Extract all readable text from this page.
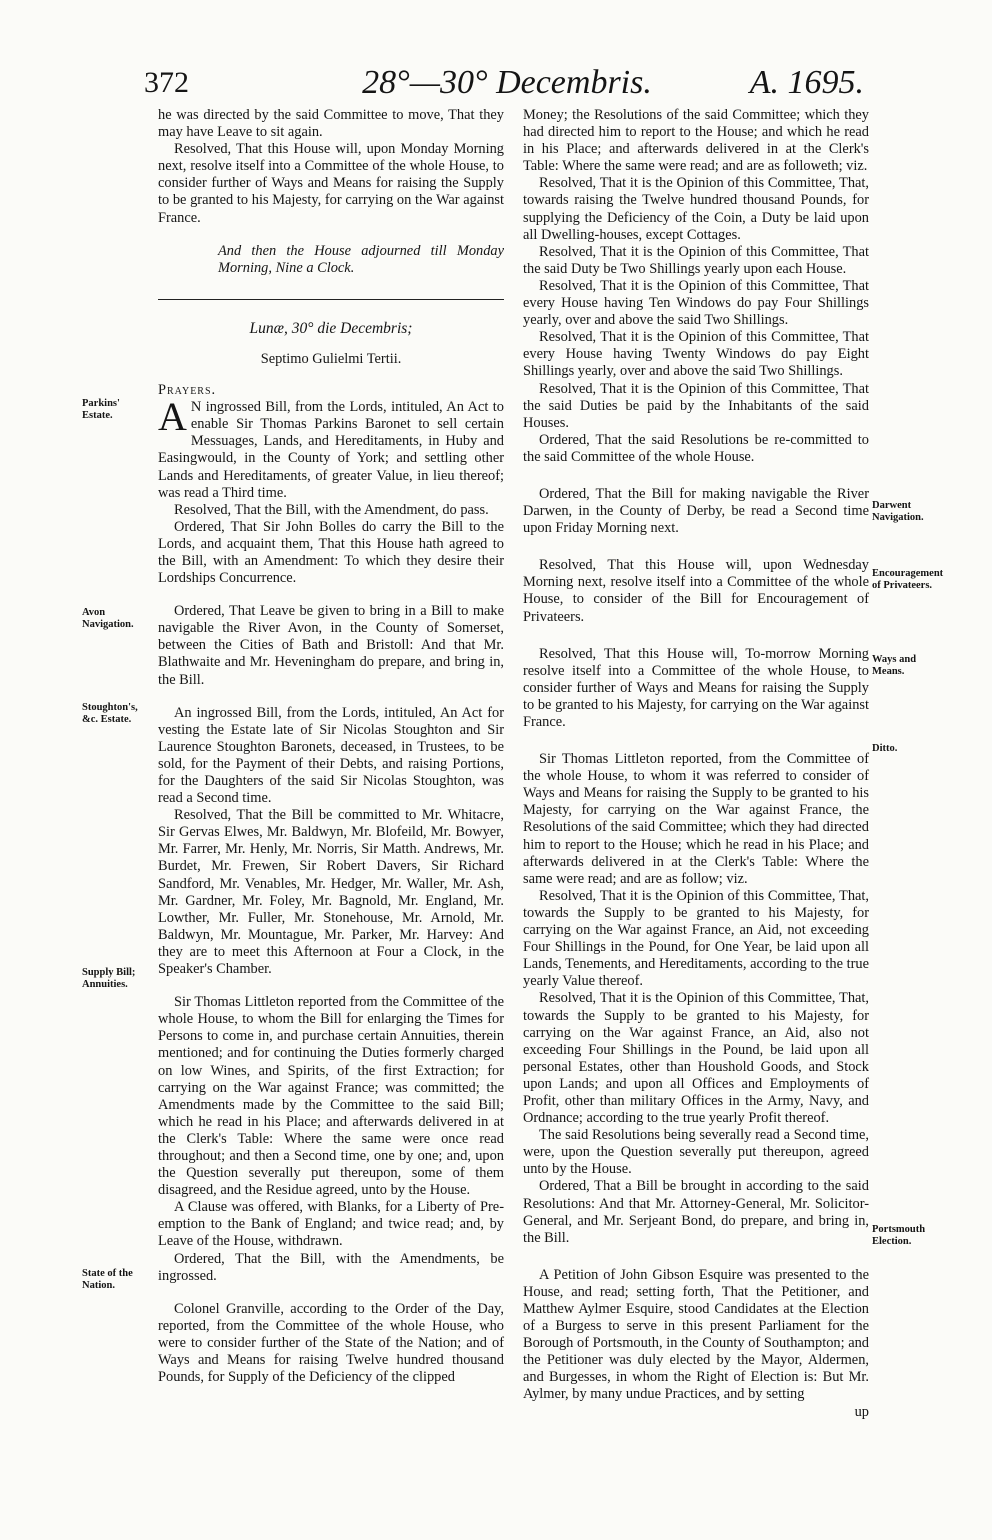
372	28°—30° Decembris.	A. 1695.

he was directed by the said Committee to move, That they may have Leave to sit again.

Resolved, That this House will, upon Monday Morning next, resolve itself into a Committee of the whole House, to consider further of Ways and Means for raising the Supply to be granted to his Majesty, for carrying on the War against France.

And then the House adjourned till Monday Morning, Nine a Clock.

Lunæ, 30° die Decembris;

Septimo Gulielmi Tertii.

Prayers.

A N ingrossed Bill, from the Lords, intituled, An Act to enable Sir Thomas Parkins Baronet to sell certain Messuages, Lands, and Hereditaments, in Huby and Easingwould, in the County of York; and settling other Lands and Hereditaments, of greater Value, in lieu thereof; was read a Third time.

Resolved, That the Bill, with the Amendment, do pass.

Ordered, That Sir John Bolles do carry the Bill to the Lords, and acquaint them, That this House hath agreed to the Bill, with an Amendment: To which they desire their Lordships Concurrence.

Ordered, That Leave be given to bring in a Bill to make navigable the River Avon, in the County of Somerset, between the Cities of Bath and Bristoll: And that Mr. Blathwaite and Mr. Heveningham do prepare, and bring in, the Bill.

An ingrossed Bill, from the Lords, intituled, An Act for vesting the Estate late of Sir Nicolas Stoughton and Sir Laurence Stoughton Baronets, deceased, in Trustees, to be sold, for the Payment of their Debts, and raising Portions, for the Daughters of the said Sir Nicolas Stoughton, was read a Second time.

Resolved, That the Bill be committed to Mr. Whitacre, Sir Gervas Elwes, Mr. Baldwyn, Mr. Blofeild, Mr. Bowyer, Mr. Farrer, Mr. Henly, Mr. Norris, Sir Matth. Andrews, Mr. Burdet, Mr. Frewen, Sir Robert Davers, Sir Richard Sandford, Mr. Venables, Mr. Hedger, Mr. Waller, Mr. Ash, Mr. Gardner, Mr. Foley, Mr. Bagnold, Mr. England, Mr. Lowther, Mr. Fuller, Mr. Stonehouse, Mr. Arnold, Mr. Baldwyn, Mr. Mountague, Mr. Parker, Mr. Harvey: And they are to meet this Afternoon at Four a Clock, in the Speaker's Chamber.

Sir Thomas Littleton reported from the Committee of the whole House, to whom the Bill for enlarging the Times for Persons to come in, and purchase certain Annuities, therein mentioned; and for continuing the Duties formerly charged on low Wines, and Spirits, of the first Extraction; for carrying on the War against France; was committed; the Amendments made by the Committee to the said Bill; which he read in his Place; and afterwards delivered in at the Clerk's Table: Where the same were once read throughout; and then a Second time, one by one; and, upon the Question severally put thereupon, some of them disagreed, and the Residue agreed, unto by the House.

A Clause was offered, with Blanks, for a Liberty of Pre-emption to the Bank of England; and twice read; and, by Leave of the House, withdrawn.

Ordered, That the Bill, with the Amendments, be ingrossed.

Colonel Granville, according to the Order of the Day, reported, from the Committee of the whole House, who were to consider further of the State of the Nation; and of Ways and Means for raising Twelve hundred thousand Pounds, for Supply of the Deficiency of the clipped

Money; the Resolutions of the said Committee; which they had directed him to report to the House; and which he read in his Place; and afterwards delivered in at the Clerk's Table: Where the same were read; and are as followeth; viz.

Resolved, That it is the Opinion of this Committee, That, towards raising the Twelve hundred thousand Pounds, for supplying the Deficiency of the Coin, a Duty be laid upon all Dwelling-houses, except Cottages.

Resolved, That it is the Opinion of this Committee, That the said Duty be Two Shillings yearly upon each House.

Resolved, That it is the Opinion of this Committee, That every House having Ten Windows do pay Four Shillings yearly, over and above the said Two Shillings.

Resolved, That it is the Opinion of this Committee, That every House having Twenty Windows do pay Eight Shillings yearly, over and above the said Two Shillings.

Resolved, That it is the Opinion of this Committee, That the said Duties be paid by the Inhabitants of the said Houses.

Ordered, That the said Resolutions be re-committed to the said Committee of the whole House.

Ordered, That the Bill for making navigable the River Darwen, in the County of Derby, be read a Second time upon Friday Morning next.

Resolved, That this House will, upon Wednesday Morning next, resolve itself into a Committee of the whole House, to consider of the Bill for Encouragement of Privateers.

Resolved, That this House will, To-morrow Morning resolve itself into a Committee of the whole House, to consider further of Ways and Means for raising the Supply to be granted to his Majesty, for carrying on the War against France.

Sir Thomas Littleton reported, from the Committee of the whole House, to whom it was referred to consider of Ways and Means for raising the Supply to be granted to his Majesty, for carrying on the War against France, the Resolutions of the said Committee; which they had directed him to report to the House; which he read in his Place; and afterwards delivered in at the Clerk's Table: Where the same were read; and are as follow; viz.

Resolved, That it is the Opinion of this Committee, That, towards the Supply to be granted to his Majesty, for carrying on the War against France, an Aid, not exceeding Four Shillings in the Pound, for One Year, be laid upon all Lands, Tenements, and Hereditaments, according to the true yearly Value thereof.

Resolved, That it is the Opinion of this Committee, That, towards the Supply to be granted to his Majesty, for carrying on the War against France, an Aid, also not exceeding Four Shillings in the Pound, be laid upon all personal Estates, other than Houshold Goods, and Stock upon Lands; and upon all Offices and Employments of Profit, other than military Offices in the Army, Navy, and Ordnance; according to the true yearly Profit thereof.

The said Resolutions being severally read a Second time, were, upon the Question severally put thereupon, agreed unto by the House.

Ordered, That a Bill be brought in according to the said Resolutions: And that Mr. Attorney-General, Mr. Solicitor-General, and Mr. Serjeant Bond, do prepare, and bring in, the Bill.

A Petition of John Gibson Esquire was presented to the House, and read; setting forth, That the Petitioner, and Matthew Aylmer Esquire, stood Candidates at the Election of a Burgess to serve in this present Parliament for the Borough of Portsmouth, in the County of Southampton; and the Petitioner was duly elected by the Mayor, Aldermen, and Burgesses, in whom the Right of Election is: But Mr. Aylmer, by many undue Practices, and by setting

up

Parkins' Estate.
Avon Navigation.
Stoughton's, &c. Estate.
Supply Bill; Annuities.
State of the Nation.
Darwent Navigation.
Encouragement of Privateers.
Ways and Means.
Ditto.
Portsmouth Election.
